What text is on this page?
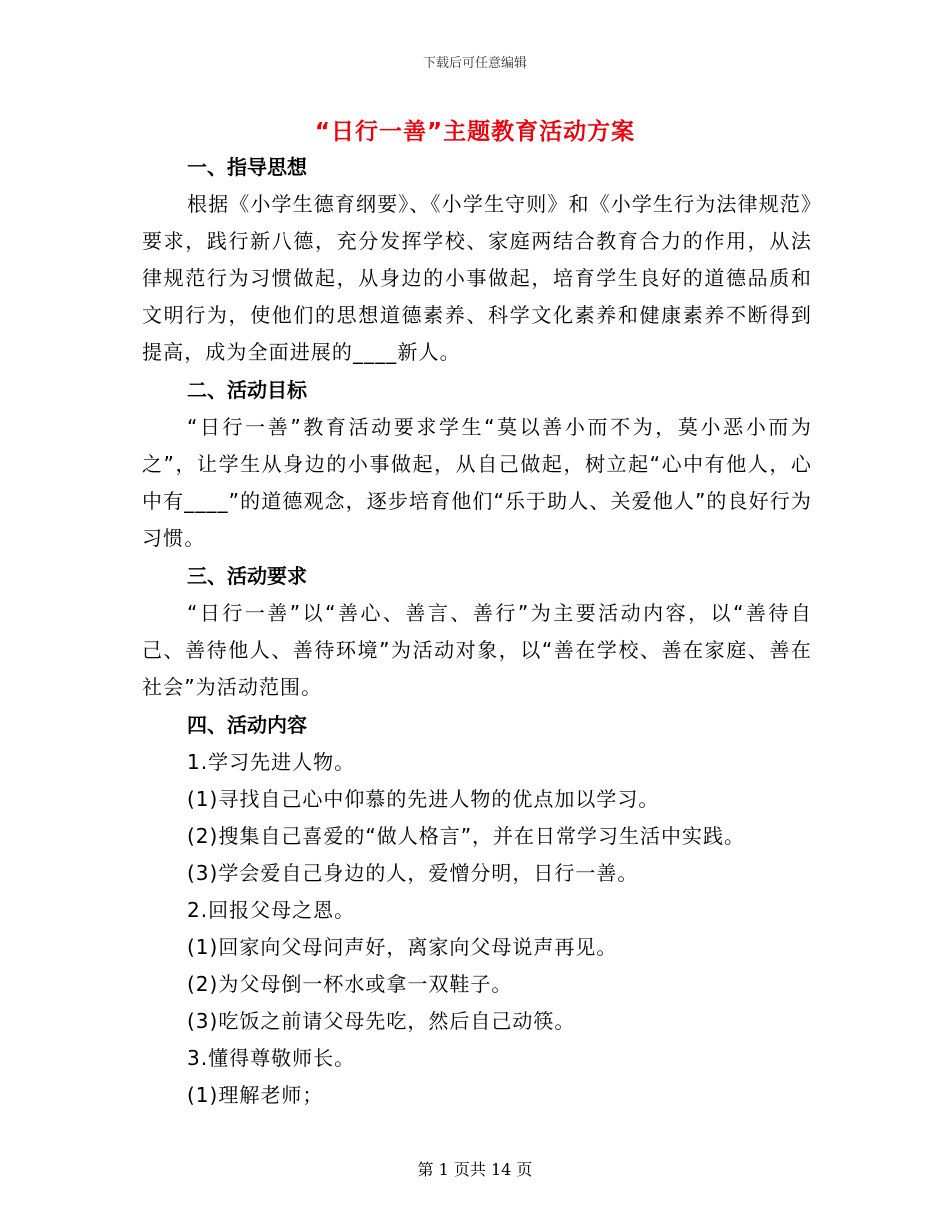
下载后可任意编辑
“日行一善”主题教育活动方案
一、指导思想
根据《小学生德育纲要》、《小学生守则》和《小学生行为法律规范》要求，践行新八德，充分发挥学校、家庭两结合教育合力的作用，从法律规范行为习惯做起，从身边的小事做起，培育学生良好的道德品质和文明行为，使他们的思想道德素养、科学文化素养和健康素养不断得到提高，成为全面进展的____新人。
二、活动目标
“日行一善”教育活动要求学生“莫以善小而不为，莫小恶小而为之”，让学生从身边的小事做起，从自己做起，树立起“心中有他人，心中有____”的道德观念，逐步培育他们“乐于助人、关爱他人”的良好行为习惯。
三、活动要求
“日行一善”以“善心、善言、善行”为主要活动内容，以“善待自己、善待他人、善待环境”为活动对象，以“善在学校、善在家庭、善在社会”为活动范围。
四、活动内容
1.学习先进人物。
(1)寻找自己心中仰慕的先进人物的优点加以学习。
(2)搜集自己喜爱的“做人格言”，并在日常学习生活中实践。
(3)学会爱自己身边的人，爱憎分明，日行一善。
2.回报父母之恩。
(1)回家向父母问声好，离家向父母说声再见。
(2)为父母倒一杯水或拿一双鞋子。
(3)吃饭之前请父母先吃，然后自己动筷。
3.懂得尊敬师长。
(1)理解老师；
第 1 页共 14 页
